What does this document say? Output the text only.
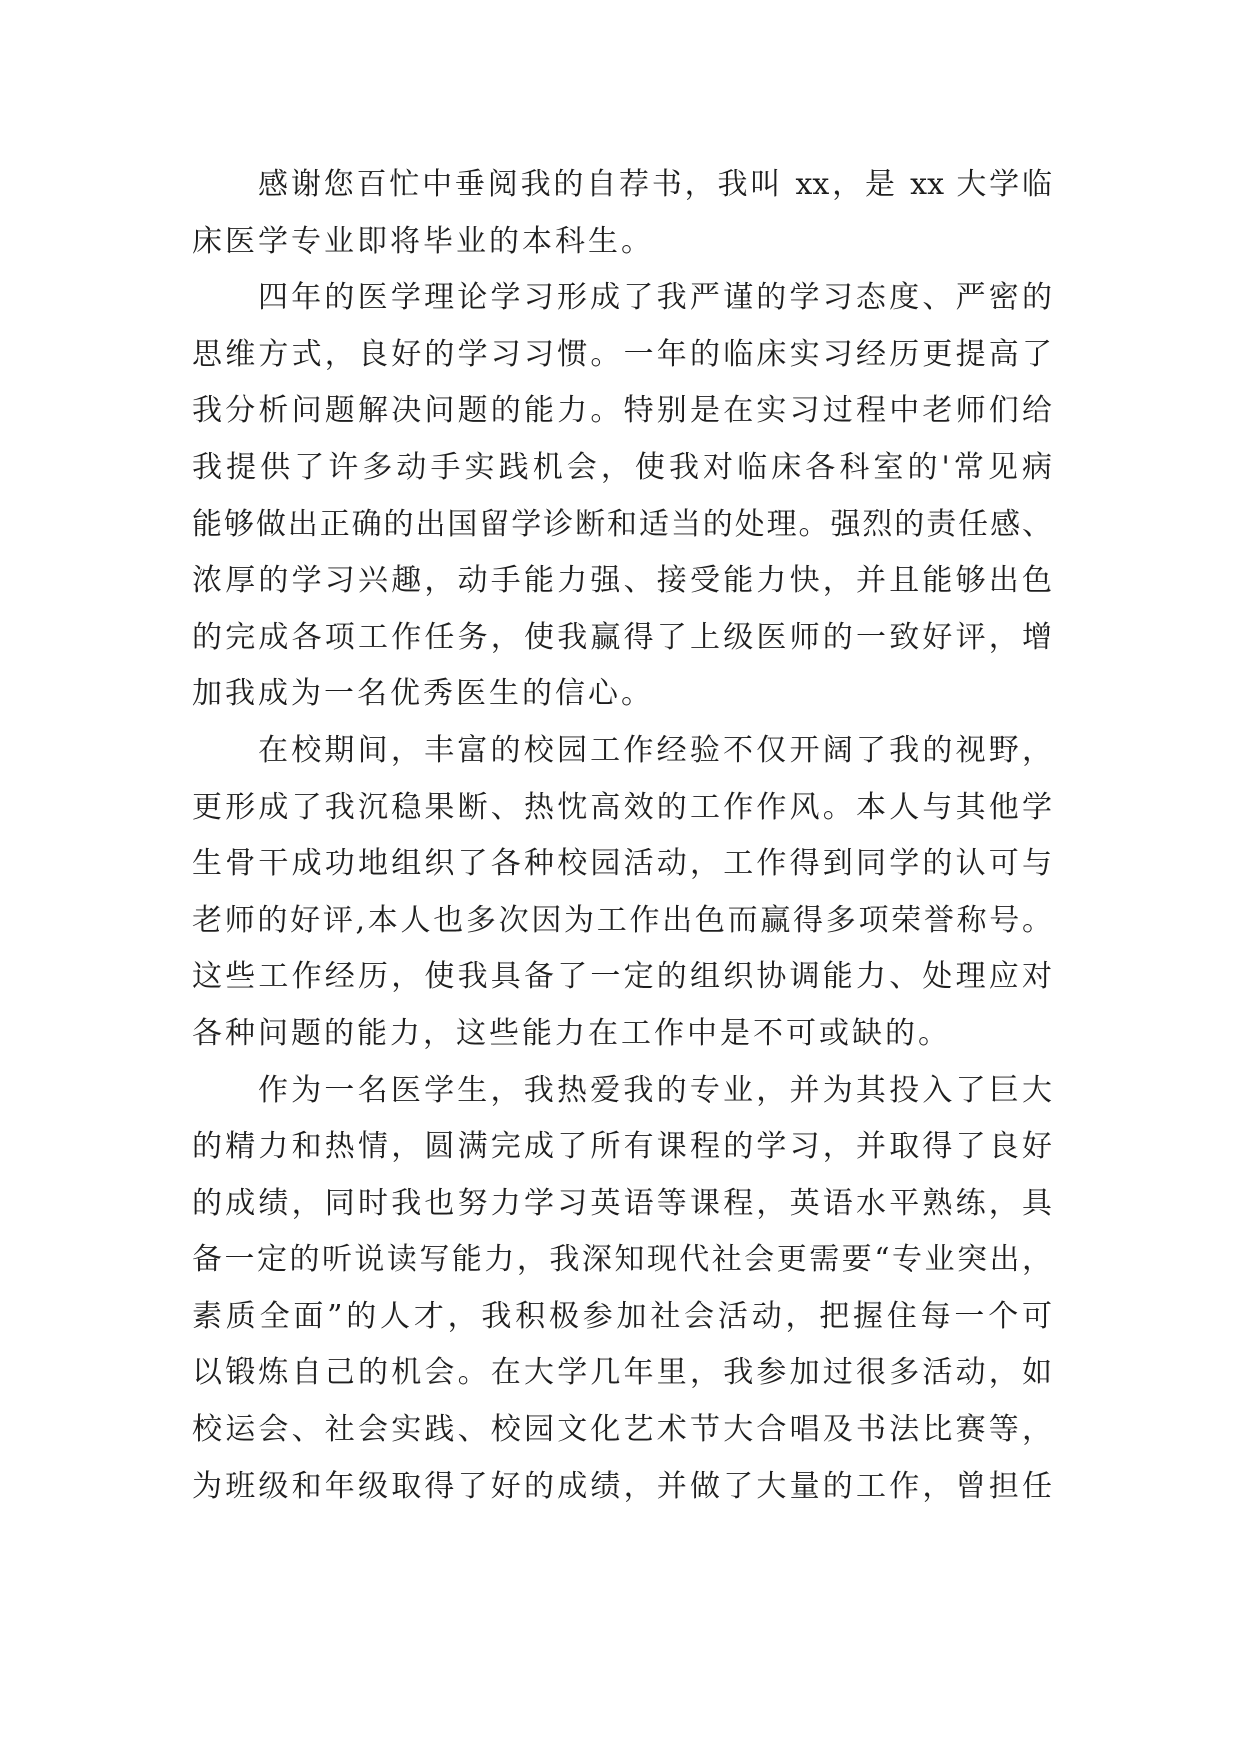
感谢您百忙中垂阅我的自荐书，我叫 xx，是 xx 大学临
床医学专业即将毕业的本科生。
四年的医学理论学习形成了我严谨的学习态度、严密的
思维方式，良好的学习习惯。一年的临床实习经历更提高了
我分析问题解决问题的能力。特别是在实习过程中老师们给
我提供了许多动手实践机会，使我对临床各科室的'常见病
能够做出正确的出国留学诊断和适当的处理。强烈的责任感、
浓厚的学习兴趣，动手能力强、接受能力快，并且能够出色
的完成各项工作任务，使我赢得了上级医师的一致好评，增
加我成为一名优秀医生的信心。
在校期间，丰富的校园工作经验不仅开阔了我的视野，
更形成了我沉稳果断、热忱高效的工作作风。本人与其他学
生骨干成功地组织了各种校园活动，工作得到同学的认可与
老师的好评,本人也多次因为工作出色而赢得多项荣誉称号。
这些工作经历，使我具备了一定的组织协调能力、处理应对
各种问题的能力，这些能力在工作中是不可或缺的。
作为一名医学生，我热爱我的专业，并为其投入了巨大
的精力和热情，圆满完成了所有课程的学习，并取得了良好
的成绩，同时我也努力学习英语等课程，英语水平熟练，具
备一定的听说读写能力，我深知现代社会更需要“专业突出，
素质全面”的人才，我积极参加社会活动，把握住每一个可
以锻炼自己的机会。在大学几年里，我参加过很多活动，如
校运会、社会实践、校园文化艺术节大合唱及书法比赛等，
为班级和年级取得了好的成绩，并做了大量的工作，曾担任
